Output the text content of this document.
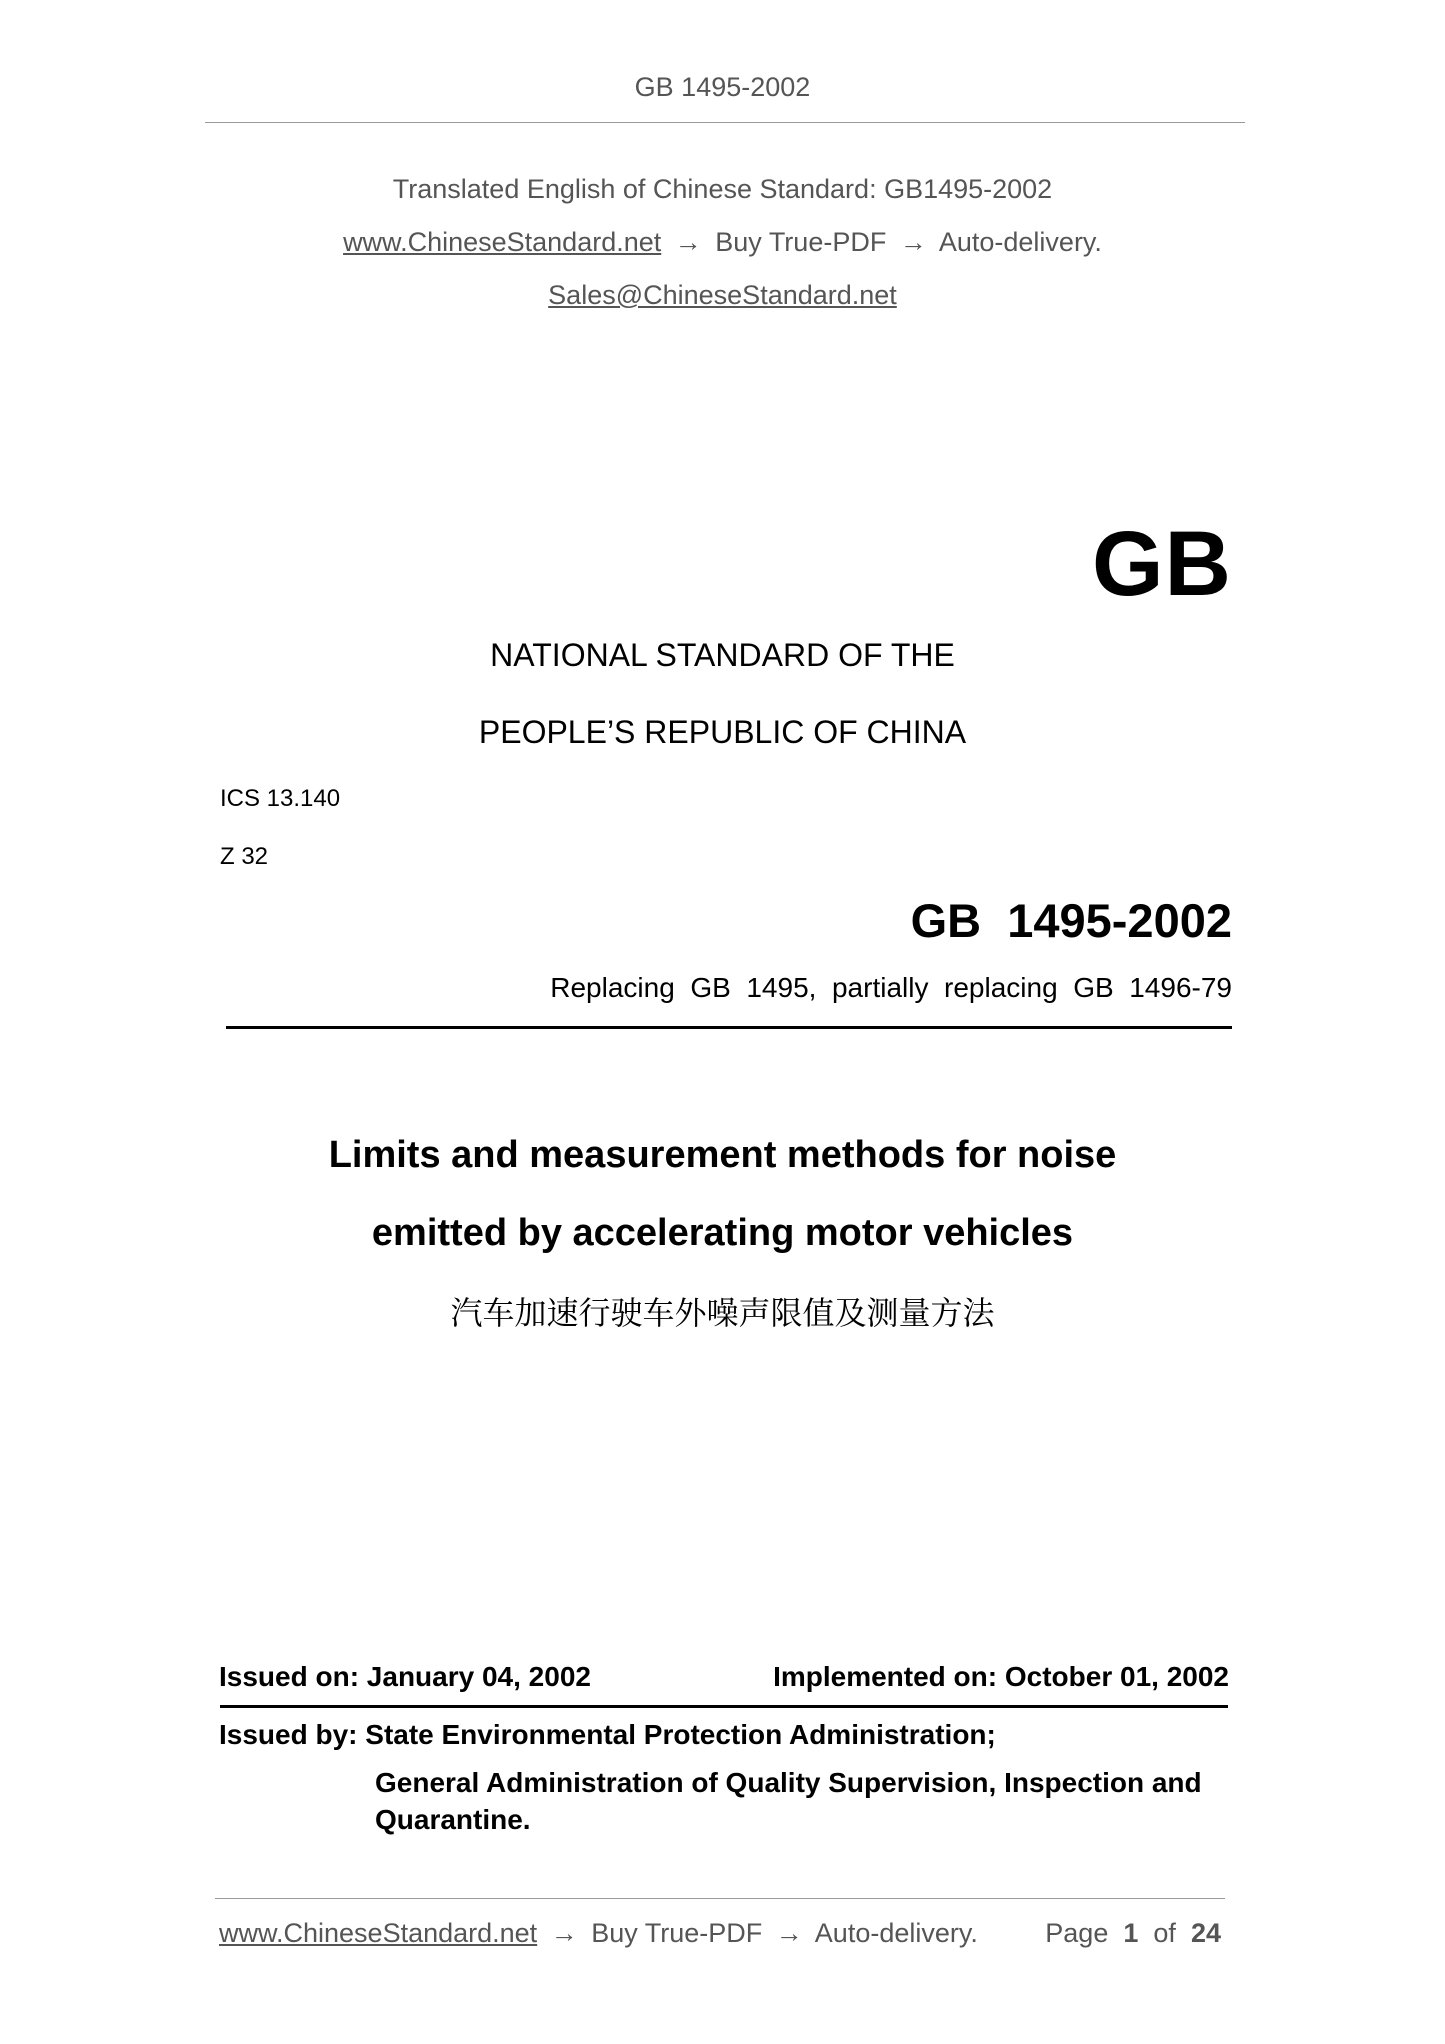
GB 1495-2002
Translated English of Chinese Standard: GB1495-2002
www.ChineseStandard.net → Buy True-PDF → Auto-delivery.
Sales@ChineseStandard.net
GB
NATIONAL STANDARD OF THE
PEOPLE’S REPUBLIC OF CHINA
ICS 13.140
Z 32
GB  1495-2002
Replacing  GB  1495,  partially  replacing  GB  1496-79
Limits and measurement methods for noise
emitted by accelerating motor vehicles
汽车加速行驶车外噪声限值及测量方法
Issued on: January 04, 2002	Implemented on: October 01, 2002
Issued by: State Environmental Protection Administration;
General Administration of Quality Supervision, Inspection and
Quarantine.
www.ChineseStandard.net → Buy True-PDF → Auto-delivery. Page 1 of 24
